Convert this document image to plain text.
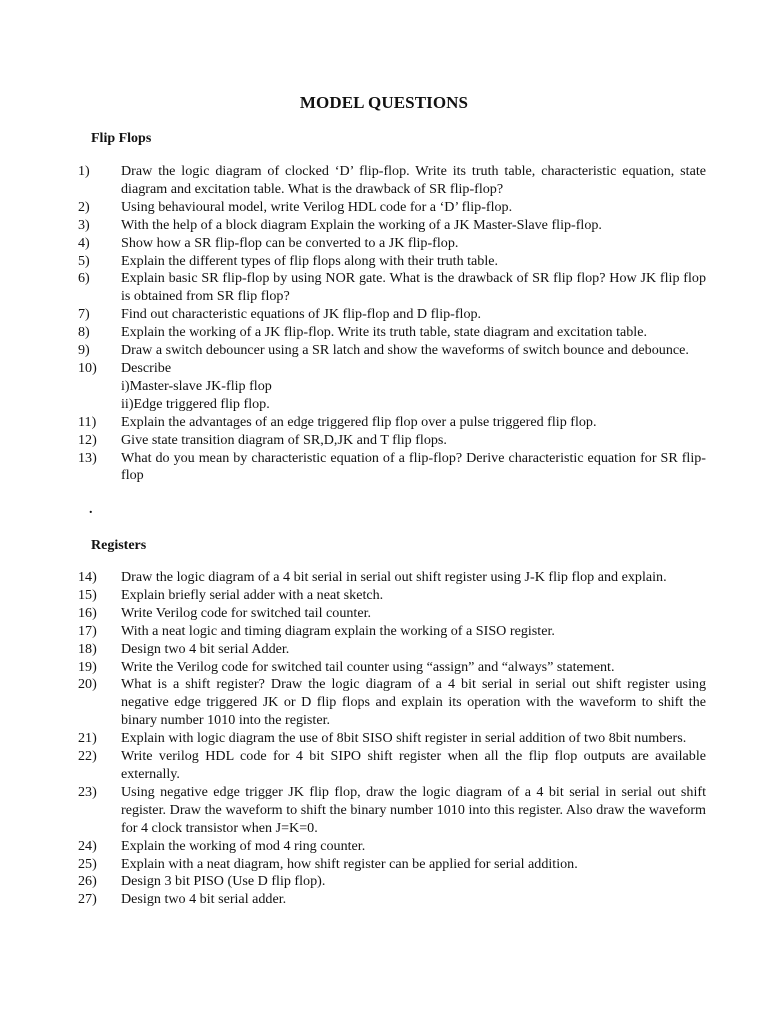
MODEL QUESTIONS
Flip Flops
1) Draw the logic diagram of clocked ‘D’ flip-flop. Write its truth table, characteristic equation, state diagram and excitation table. What is the drawback of SR flip-flop?
2) Using behavioural model, write Verilog HDL code for a ‘D’ flip-flop.
3) With the help of a block diagram Explain the working of a JK Master-Slave flip-flop.
4) Show how a SR flip-flop can be converted to a JK flip-flop.
5) Explain the different types of flip flops along with their truth table.
6) Explain basic SR flip-flop by using NOR gate. What is the drawback of SR flip flop? How JK flip flop is obtained from SR flip flop?
7) Find out characteristic equations of JK flip-flop and D flip-flop.
8) Explain the working of a JK flip-flop. Write its truth table, state diagram and excitation table.
9) Draw a switch debouncer using a SR latch and show the waveforms of switch bounce and debounce.
10) Describe
i)Master-slave JK-flip flop
ii)Edge triggered flip flop.
11) Explain the advantages of an edge triggered flip flop over a pulse triggered flip flop.
12) Give state transition diagram of SR,D,JK and T flip flops.
13) What do you mean by characteristic equation of a flip-flop? Derive characteristic equation for SR flip-flop
.
Registers
14) Draw the logic diagram of a 4 bit serial in serial out shift register using J-K flip flop and explain.
15) Explain briefly serial adder with a neat sketch.
16) Write Verilog code for switched tail counter.
17) With a neat logic and timing diagram explain the working of a SISO register.
18) Design two 4 bit serial Adder.
19) Write the Verilog code for switched tail counter using “assign” and “always” statement.
20) What is a shift register? Draw the logic diagram of a 4 bit serial in serial out shift register using negative edge triggered JK or D flip flops and explain its operation with the waveform to shift the binary number 1010 into the register.
21) Explain with logic diagram the use of 8bit SISO shift register in serial addition of two 8bit numbers.
22) Write verilog HDL code for 4 bit SIPO shift register when all the flip flop outputs are available externally.
23) Using negative edge trigger JK flip flop, draw the logic diagram of a 4 bit serial in serial out shift register. Draw the waveform to shift the binary number 1010 into this register. Also draw the waveform for 4 clock transistor when J=K=0.
24) Explain the working of mod 4 ring counter.
25) Explain with a neat diagram, how shift register can be applied for serial addition.
26) Design 3 bit PISO (Use D flip flop).
27) Design two 4 bit serial adder.
